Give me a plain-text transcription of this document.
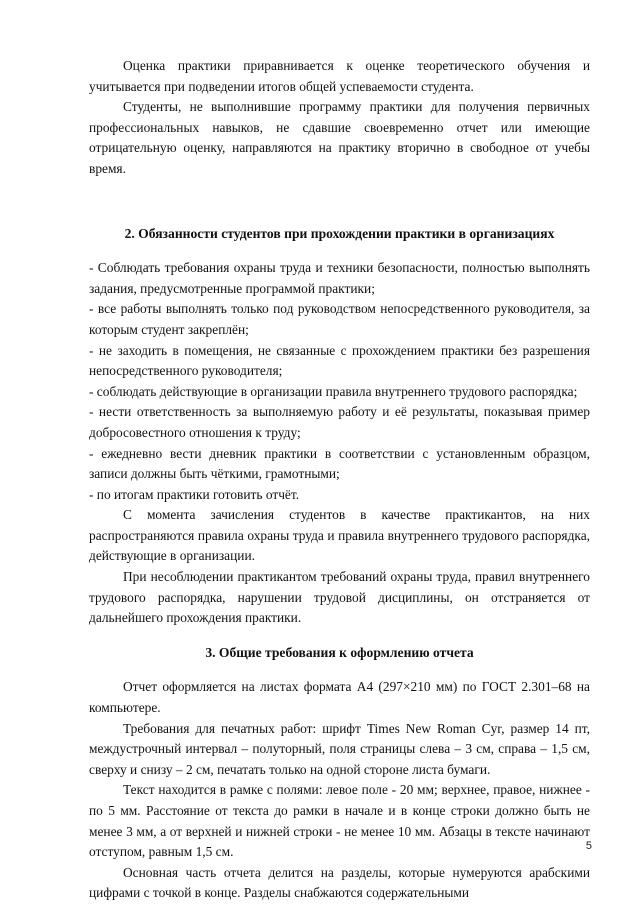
Оценка практики приравнивается к оценке теоретического обучения и учитывается при подведении итогов общей успеваемости студента.

Студенты, не выполнившие программу практики для получения первичных профессиональных навыков, не сдавшие своевременно отчет или имеющие отрицательную оценку, направляются на практику вторично в свободное от учебы время.

2. Обязанности студентов при прохождении практики в организациях

- Соблюдать требования охраны труда и техники безопасности, полностью выполнять задания, предусмотренные программой практики;

- все работы выполнять только под руководством непосредственного руководителя, за которым студент закреплён;

- не заходить в помещения, не связанные с прохождением практики без разрешения непосредственного руководителя;

- соблюдать действующие в организации правила внутреннего трудового распорядка;

- нести ответственность за выполняемую работу и её результаты, показывая пример добросовестного отношения к труду;

- ежедневно вести дневник практики в соответствии с установленным образцом, записи должны быть чёткими, грамотными;

- по итогам практики готовить отчёт.

С момента зачисления студентов в качестве практикантов, на них распространяются правила охраны труда и правила внутреннего трудового распорядка, действующие в организации.

При несоблюдении практикантом требований охраны труда, правил внутреннего трудового распорядка, нарушении трудовой дисциплины, он отстраняется от дальнейшего прохождения практики.

3. Общие требования к оформлению отчета

Отчет оформляется на листах формата А4 (297×210 мм) по ГОСТ 2.301–68 на компьютере.

Требования для печатных работ: шрифт Times New Roman Cyr, размер 14 пт, междустрочный интервал – полуторный, поля страницы слева – 3 см, справа – 1,5 см, сверху и снизу – 2 см, печатать только на одной стороне листа бумаги.

Текст находится в рамке с полями: левое поле - 20 мм; верхнее, правое, нижнее - по 5 мм. Расстояние от текста до рамки в начале и в конце строки должно быть не менее 3 мм, а от верхней и нижней строки - не менее 10 мм. Абзацы в тексте начинают отступом, равным 1,5 см.

Основная часть отчета делится на разделы, которые нумеруются арабскими цифрами с точкой в конце. Разделы снабжаются содержательными

5
